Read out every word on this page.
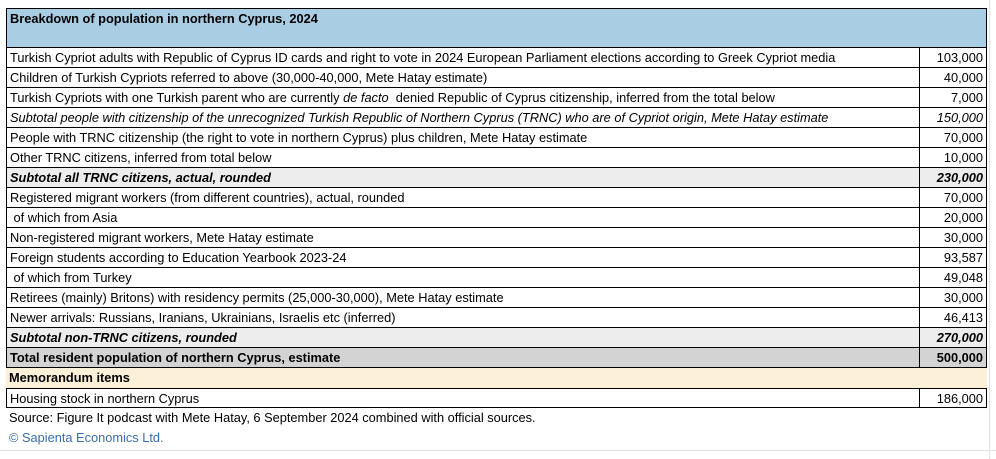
Breakdown of population in northern Cyprus, 2024
Turkish Cypriot adults with Republic of Cyprus ID cards and right to vote in 2024 European Parliament elections according to Greek Cypriot media	103,000
Children of Turkish Cypriots referred to above (30,000-40,000, Mete Hatay estimate)	40,000
Turkish Cypriots with one Turkish parent who are currently de facto  denied Republic of Cyprus citizenship, inferred from the total below	7,000
Subtotal people with citizenship of the unrecognized Turkish Republic of Northern Cyprus (TRNC) who are of Cypriot origin, Mete Hatay estimate	150,000
People with TRNC citizenship (the right to vote in northern Cyprus) plus children, Mete Hatay estimate	70,000
Other TRNC citizens, inferred from total below	10,000
Subtotal all TRNC citizens, actual, rounded	230,000
Registered migrant workers (from different countries), actual, rounded	70,000
of which from Asia	20,000
Non-registered migrant workers, Mete Hatay estimate	30,000
Foreign students according to Education Yearbook 2023-24	93,587
of which from Turkey	49,048
Retirees (mainly) Britons) with residency permits (25,000-30,000), Mete Hatay estimate	30,000
Newer arrivals: Russians, Iranians, Ukrainians, Israelis etc (inferred)	46,413
Subtotal non-TRNC citizens, rounded	270,000
Total resident population of northern Cyprus, estimate	500,000
Memorandum items
Housing stock in northern Cyprus	186,000
Source: Figure It podcast with Mete Hatay, 6 September 2024 combined with official sources.
© Sapienta Economics Ltd.
